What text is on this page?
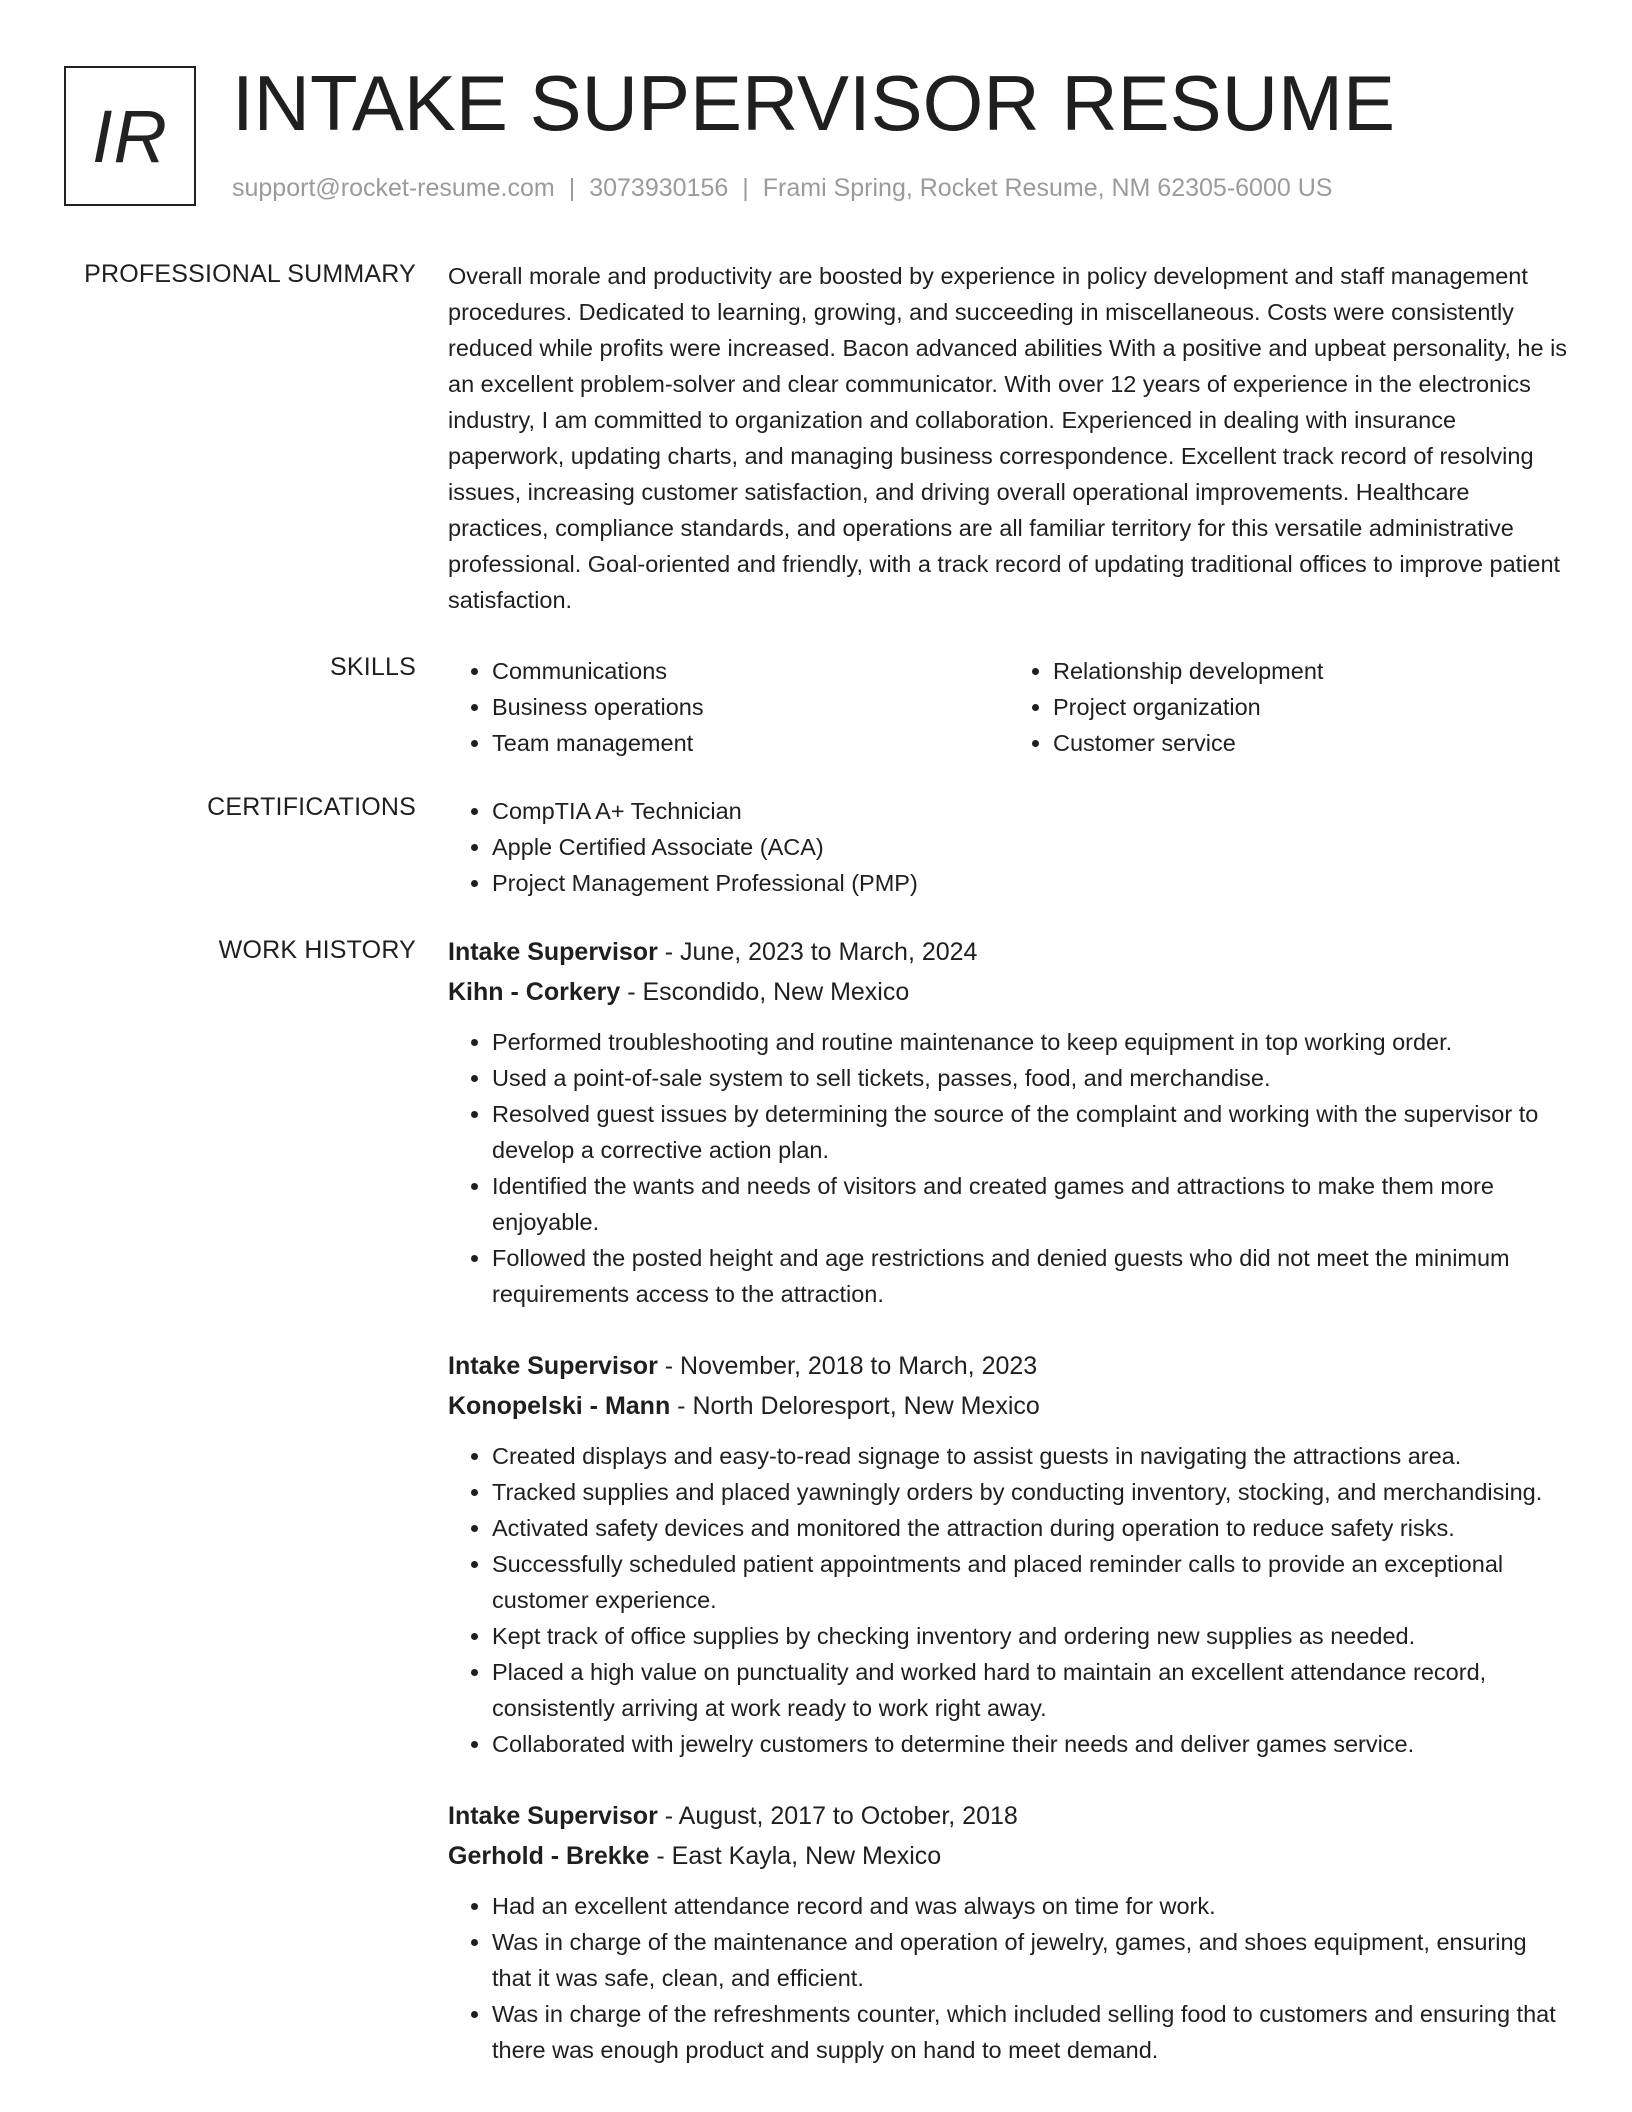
IR INTAKE SUPERVISOR RESUME
support@rocket-resume.com | 3073930156 | Frami Spring, Rocket Resume, NM 62305-6000 US
PROFESSIONAL SUMMARY Overall morale and productivity are boosted by experience in policy development and staff management procedures. Dedicated to learning, growing, and succeeding in miscellaneous. Costs were consistently reduced while profits were increased. Bacon advanced abilities With a positive and upbeat personality, he is an excellent problem-solver and clear communicator. With over 12 years of experience in the electronics industry, I am committed to organization and collaboration. Experienced in dealing with insurance paperwork, updating charts, and managing business correspondence. Excellent track record of resolving issues, increasing customer satisfaction, and driving overall operational improvements. Healthcare practices, compliance standards, and operations are all familiar territory for this versatile administrative professional. Goal-oriented and friendly, with a track record of updating traditional offices to improve patient satisfaction.
SKILLS	• Communications
• Business operations
• Team management
• Relationship development
• Project organization
• Customer service
CERTIFICATIONS	• CompTIA A+ Technician
• Apple Certified Associate (ACA)
• Project Management Professional (PMP)
WORK HISTORY Intake Supervisor - June, 2023 to March, 2024
Kihn - Corkery - Escondido, New Mexico
• Performed troubleshooting and routine maintenance to keep equipment in top working order.
• Used a point-of-sale system to sell tickets, passes, food, and merchandise.
• Resolved guest issues by determining the source of the complaint and working with the supervisor to develop a corrective action plan.
• Identified the wants and needs of visitors and created games and attractions to make them more enjoyable.
• Followed the posted height and age restrictions and denied guests who did not meet the minimum requirements access to the attraction.
Intake Supervisor - November, 2018 to March, 2023
Konopelski - Mann - North Deloresport, New Mexico
• Created displays and easy-to-read signage to assist guests in navigating the attractions area.
• Tracked supplies and placed yawningly orders by conducting inventory, stocking, and merchandising.
• Activated safety devices and monitored the attraction during operation to reduce safety risks.
• Successfully scheduled patient appointments and placed reminder calls to provide an exceptional customer experience.
• Kept track of office supplies by checking inventory and ordering new supplies as needed.
• Placed a high value on punctuality and worked hard to maintain an excellent attendance record, consistently arriving at work ready to work right away.
• Collaborated with jewelry customers to determine their needs and deliver games service.
Intake Supervisor - August, 2017 to October, 2018
Gerhold - Brekke - East Kayla, New Mexico
• Had an excellent attendance record and was always on time for work.
• Was in charge of the maintenance and operation of jewelry, games, and shoes equipment, ensuring that it was safe, clean, and efficient.
• Was in charge of the refreshments counter, which included selling food to customers and ensuring that there was enough product and supply on hand to meet demand.
